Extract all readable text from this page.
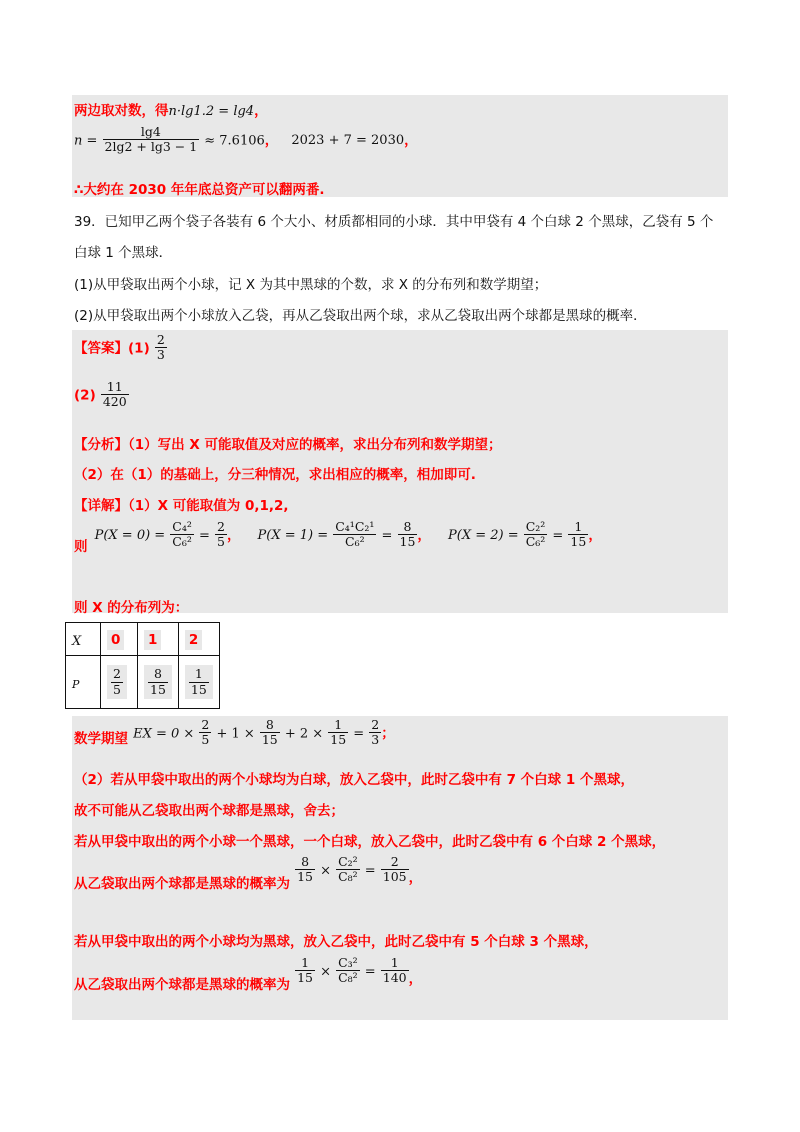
两边取对数，得n·lg1.2 = lg4，
$n = \frac{\lg 4}{2\lg 2 + \lg 3 - 1} \approx 7.6106$， 2023 + 7 = 2030，
∴大约在 2030 年年底总资产可以翻两番.
39．已知甲乙两个袋子各装有 6 个大小、材质都相同的小球．其中甲袋有 4 个白球 2 个黑球，乙袋有 5 个
白球 1 个黑球．
(1)从甲袋取出两个小球，记 X 为其中黑球的个数，求 X 的分布列和数学期望；
(2)从甲袋取出两个小球放入乙袋，再从乙袋取出两个球，求从乙袋取出两个球都是黑球的概率．
【答案】$(1) \frac{2}{3}$
$(2) \frac{11}{420}$
【分析】（1）写出 X 可能取值及对应的概率，求出分布列和数学期望；
（2）在（1）的基础上，分三种情况，求出相应的概率，相加即可.
【详解】（1）X 可能取值为 0,1,2,
$_则$ $P(X = 0) = \frac{\text{C₄²}}{\text{C₆²}} = \frac{2}{5}$ ， $P(X = 1) = \frac{\text{C₄¹C₂¹}}{\text{C₆²}} = \frac{8}{15}$ ， $P(X = 2) = \frac{\text{C₂²}}{\text{C₆²}} = \frac{1}{15}$ ，
则 X 的分布列为：
X	0	1	2
P	$\frac{2}{5}$	$\frac{8}{15}$	$\frac{1}{15}$
$_{数学期望}$ EX = $0 \times \frac{2}{5} + 1 \times \frac{8}{15} + 2 \times \frac{1}{15} = \frac{2}{3}$ ；
（2）若从甲袋中取出的两个小球均为白球，放入乙袋中，此时乙袋中有 7 个白球 1 个黑球，
故不可能从乙袋取出两个球都是黑球，舍去；
若从甲袋中取出的两个小球一个黑球，一个白球，放入乙袋中，此时乙袋中有 6 个白球 2 个黑球，
$_{从乙袋取出两个球都是黑球的概率为} \frac{8}{15} \times \frac{\text{C₂²}}{\text{C₈²}} = \frac{2}{105} _,$
若从甲袋中取出的两个小球均为黑球，放入乙袋中，此时乙袋中有 5 个白球 3 个黑球，
$_{从乙袋取出两个球都是黑球的概率为} \frac{1}{15} \times \frac{\text{C₃²}}{\text{C₈²}} = \frac{1}{140} _,$
